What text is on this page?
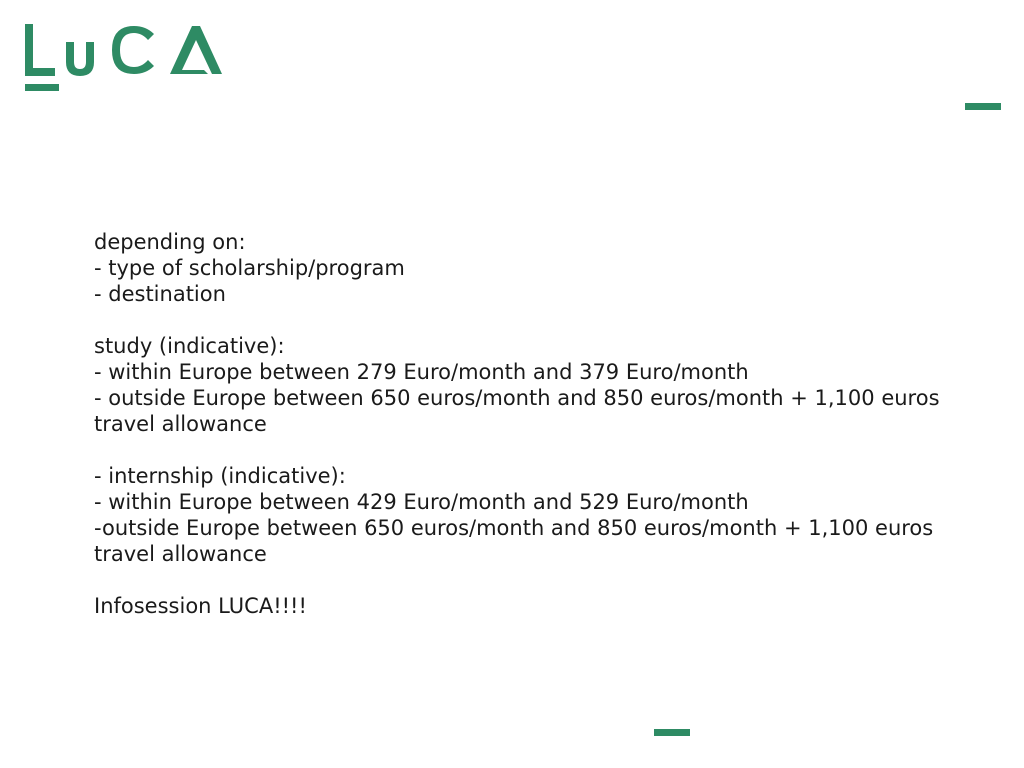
depending on:
- type of scholarship/program
- destination

study (indicative):
- within Europe between 279 Euro/month and 379 Euro/month
- outside Europe between 650 euros/month and 850 euros/month + 1,100 euros travel allowance

- internship (indicative):
- within Europe between 429 Euro/month and 529 Euro/month
-outside Europe between 650 euros/month and 850 euros/month + 1,100 euros travel allowance

Infosession LUCA!!!!
